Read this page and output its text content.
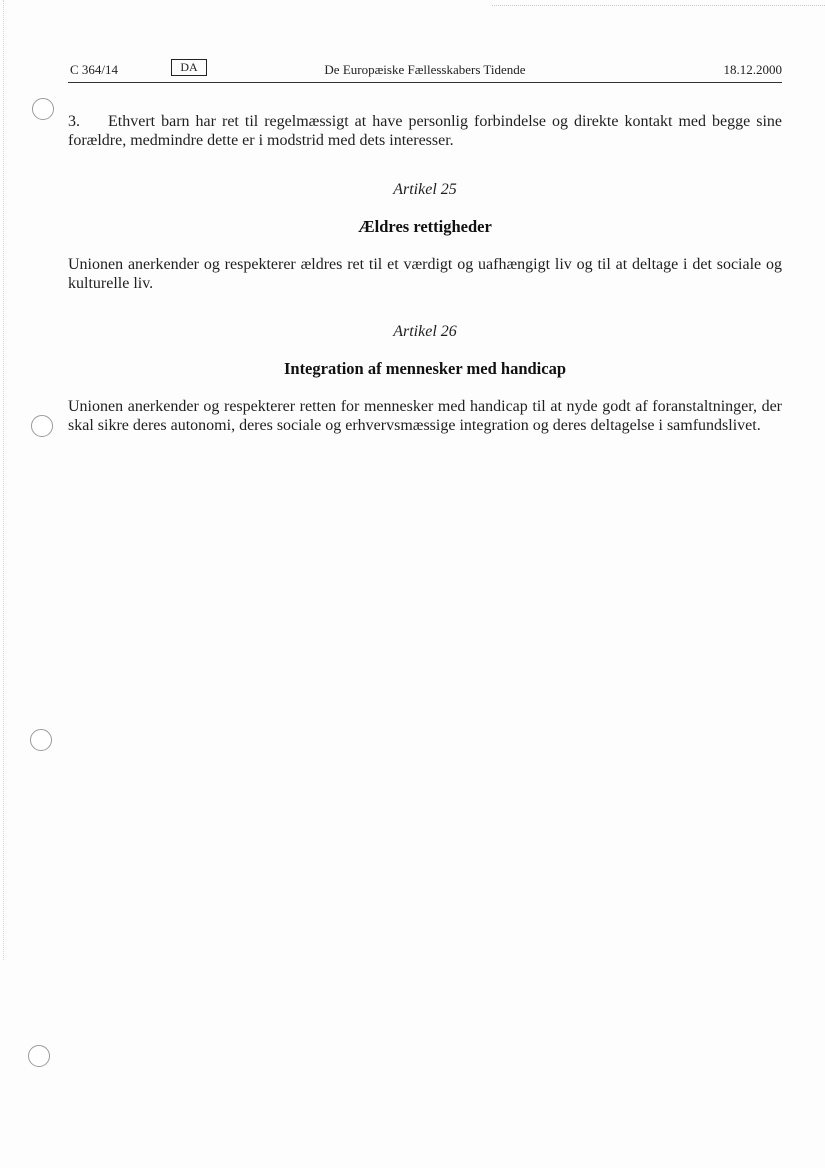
C 364/14	DA	De Europæiske Fællesskabers Tidende	18.12.2000
3. Ethvert barn har ret til regelmæssigt at have personlig forbindelse og direkte kontakt med begge sine forældre, medmindre dette er i modstrid med dets interesser.
Artikel 25
Ældres rettigheder
Unionen anerkender og respekterer ældres ret til et værdigt og uafhængigt liv og til at deltage i det sociale og kulturelle liv.
Artikel 26
Integration af mennesker med handicap
Unionen anerkender og respekterer retten for mennesker med handicap til at nyde godt af foranstaltninger, der skal sikre deres autonomi, deres sociale og erhvervsmæssige integration og deres deltagelse i samfundslivet.
